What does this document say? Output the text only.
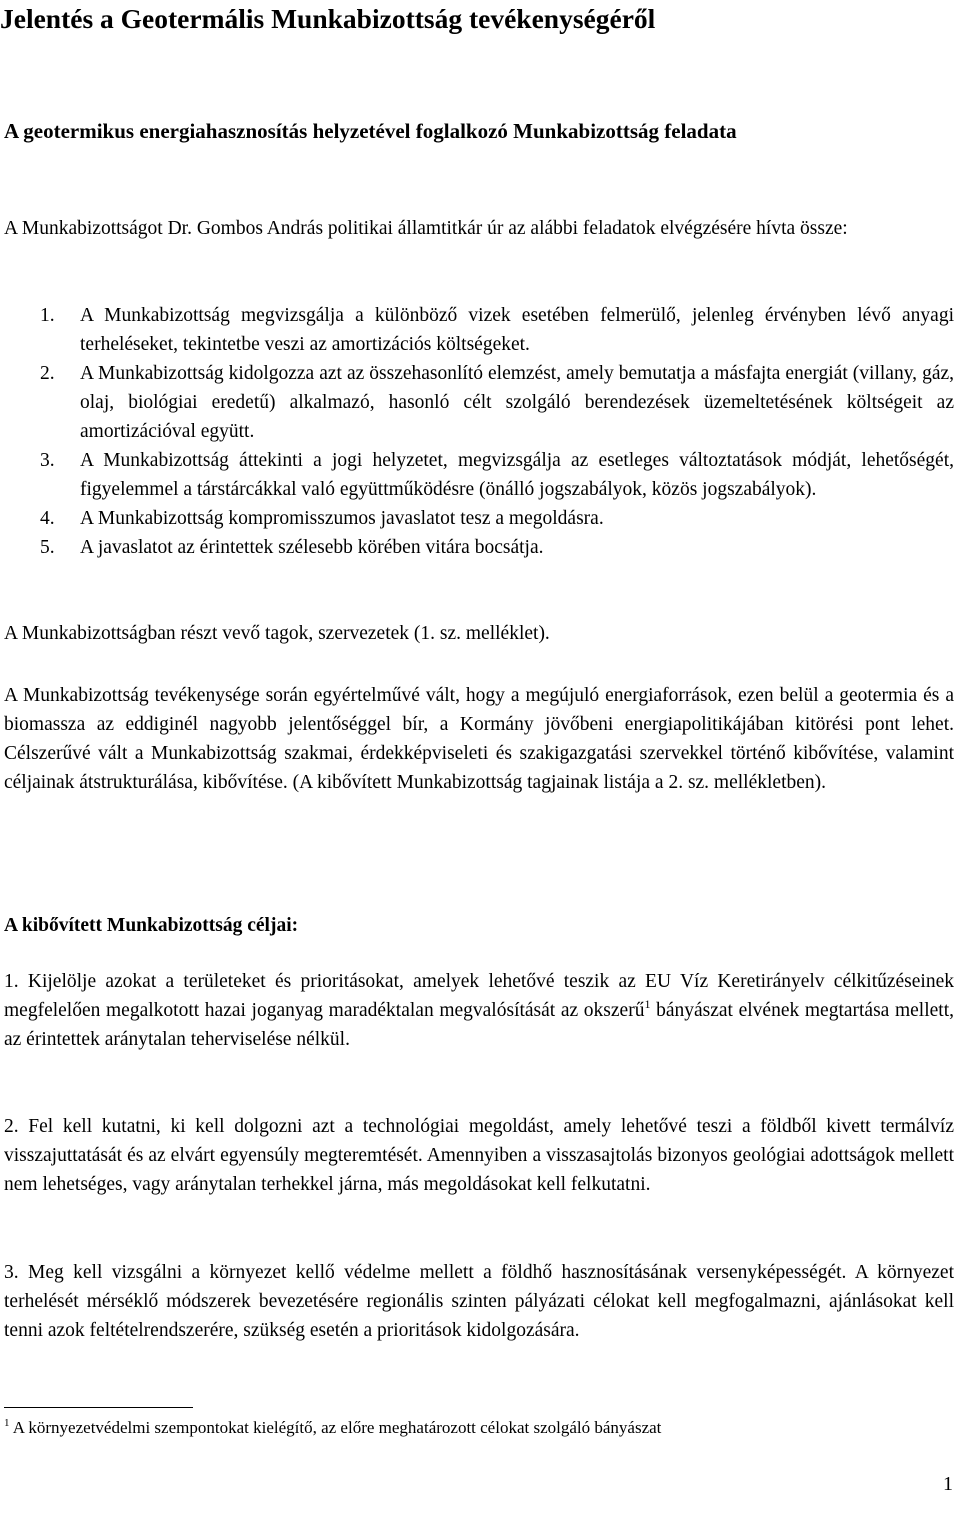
Jelentés a Geotermális Munkabizottság tevékenységéről
A geotermikus energiahasznosítás helyzetével foglalkozó Munkabizottság feladata
A Munkabizottságot Dr. Gombos András politikai államtitkár úr az alábbi feladatok elvégzésére hívta össze:
1. A Munkabizottság megvizsgálja a különböző vizek esetében felmerülő, jelenleg érvényben lévő anyagi terheléseket, tekintetbe veszi az amortizációs költségeket.
2. A Munkabizottság kidolgozza azt az összehasonlító elemzést, amely bemutatja a másfajta energiát (villany, gáz, olaj, biológiai eredetű) alkalmazó, hasonló célt szolgáló berendezések üzemeltetésének költségeit az amortizációval együtt.
3. A Munkabizottság áttekinti a jogi helyzetet, megvizsgálja az esetleges változtatások módját, lehetőségét, figyelemmel a társtárcákkal való együttműködésre (önálló jogszabályok, közös jogszabályok).
4. A Munkabizottság kompromisszumos javaslatot tesz a megoldásra.
5. A javaslatot az érintettek szélesebb körében vitára bocsátja.
A Munkabizottságban részt vevő tagok, szervezetek (1. sz. melléklet).
A Munkabizottság tevékenysége során egyértelművé vált, hogy a megújuló energiaforrások, ezen belül a geotermia és a biomassza az eddiginél nagyobb jelentőséggel bír, a Kormány jövőbeni energiapolitikájában kitörési pont lehet. Célszerűvé vált a Munkabizottság szakmai, érdekképviseleti és szakigazgatási szervekkel történő kibővítése, valamint céljainak átstrukturálása, kibővítése. (A kibővített Munkabizottság tagjainak listája a 2. sz. mellékletben).
A kibővített Munkabizottság céljai:
1. Kijelölje azokat a területeket és prioritásokat, amelyek lehetővé teszik az EU Víz Keretirányelv célkitűzéseinek megfelelően megalkotott hazai joganyag maradéktalan megvalósítását az okszerű$^1$ bányászat elvének megtartása mellett, az érintettek aránytalan teherviselése nélkül.
2. Fel kell kutatni, ki kell dolgozni azt a technológiai megoldást, amely lehetővé teszi a földből kivett termálvíz visszajuttatását és az elvárt egyensúly megteremtését. Amennyiben a visszasajtolás bizonyos geológiai adottságok mellett nem lehetséges, vagy aránytalan terhekkel járna, más megoldásokat kell felkutatni.
3. Meg kell vizsgálni a környezet kellő védelme mellett a földhő hasznosításának versenyképességét. A környezet terhelését mérséklő módszerek bevezetésére regionális szinten pályázati célokat kell megfogalmazni, ajánlásokat kell tenni azok feltételrendszerére, szükség esetén a prioritások kidolgozására.
$^1$ A környezetvédelmi szempontokat kielégítő, az előre meghatározott célokat szolgáló bányászat
1
